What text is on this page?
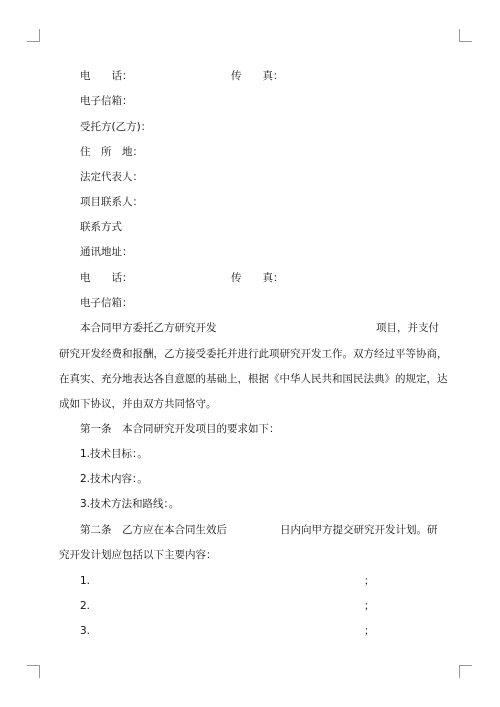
电　　话：	传　　真：
电子信箱：
受托方(乙方)：
住　所　地：
法定代表人：
项目联系人：
联系方式
通讯地址：
电　　话：	传　　真：
电子信箱：
本合同甲方委托乙方研究开发	项目，并支付
研究开发经费和报酬，乙方接受委托并进行此项研究开发工作。双方经过平等协商，
在真实、充分地表达各自意愿的基础上，根据《中华人民共和国民法典》的规定，达
成如下协议，并由双方共同恪守。
第一条　本合同研究开发项目的要求如下：
1.技术目标：。
2.技术内容：。
3.技术方法和路线：。
第二条　乙方应在本合同生效后	日内向甲方提交研究开发计划。研
究开发计划应包括以下主要内容：
1.	；
2.	；
3.	；
